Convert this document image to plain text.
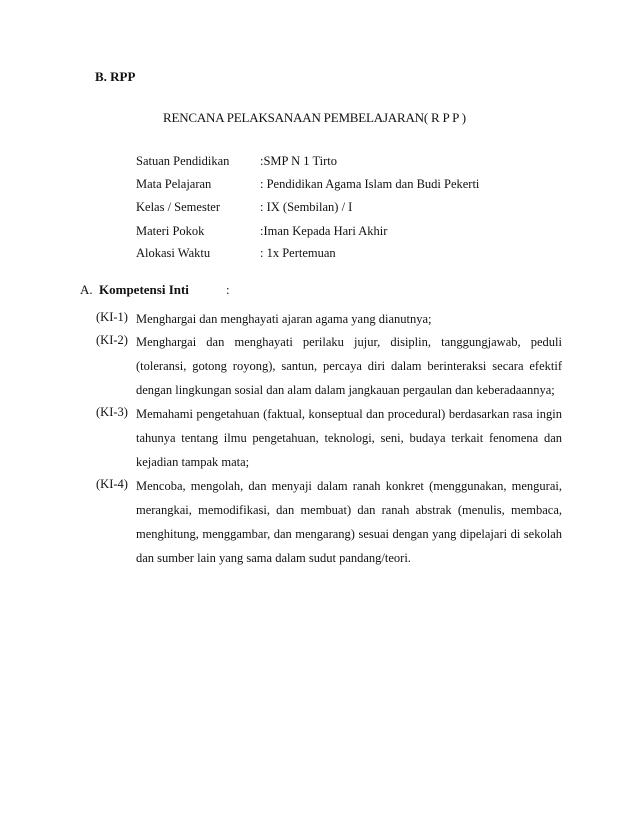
B. RPP
RENCANA PELAKSANAAN PEMBELAJARAN( R P P )
Satuan Pendidikan :SMP N 1 Tirto
Mata Pelajaran	: Pendidikan Agama Islam dan Budi Pekerti
Kelas / Semester	: IX (Sembilan) / I
Materi Pokok	:Iman Kepada Hari Akhir
Alokasi Waktu	: 1x Pertemuan
A. Kompetensi Inti	:
(KI-1) Menghargai dan menghayati ajaran agama yang dianutnya;
(KI-2) Menghargai dan menghayati perilaku jujur, disiplin, tanggungjawab, peduli
(toleransi, gotong royong), santun, percaya diri dalam berinteraksi secara efektif
dengan lingkungan sosial dan alam dalam jangkauan pergaulan dan keberadaannya;
(KI-3) Memahami pengetahuan (faktual, konseptual dan procedural) berdasarkan rasa ingin
tahunya tentang ilmu pengetahuan, teknologi, seni, budaya terkait fenomena dan
kejadian tampak mata;
(KI-4) Mencoba, mengolah, dan menyaji dalam ranah konkret (menggunakan, mengurai,
merangkai, memodifikasi, dan membuat) dan ranah abstrak (menulis, membaca,
menghitung, menggambar, dan mengarang) sesuai dengan yang dipelajari di sekolah
dan sumber lain yang sama dalam sudut pandang/teori.
